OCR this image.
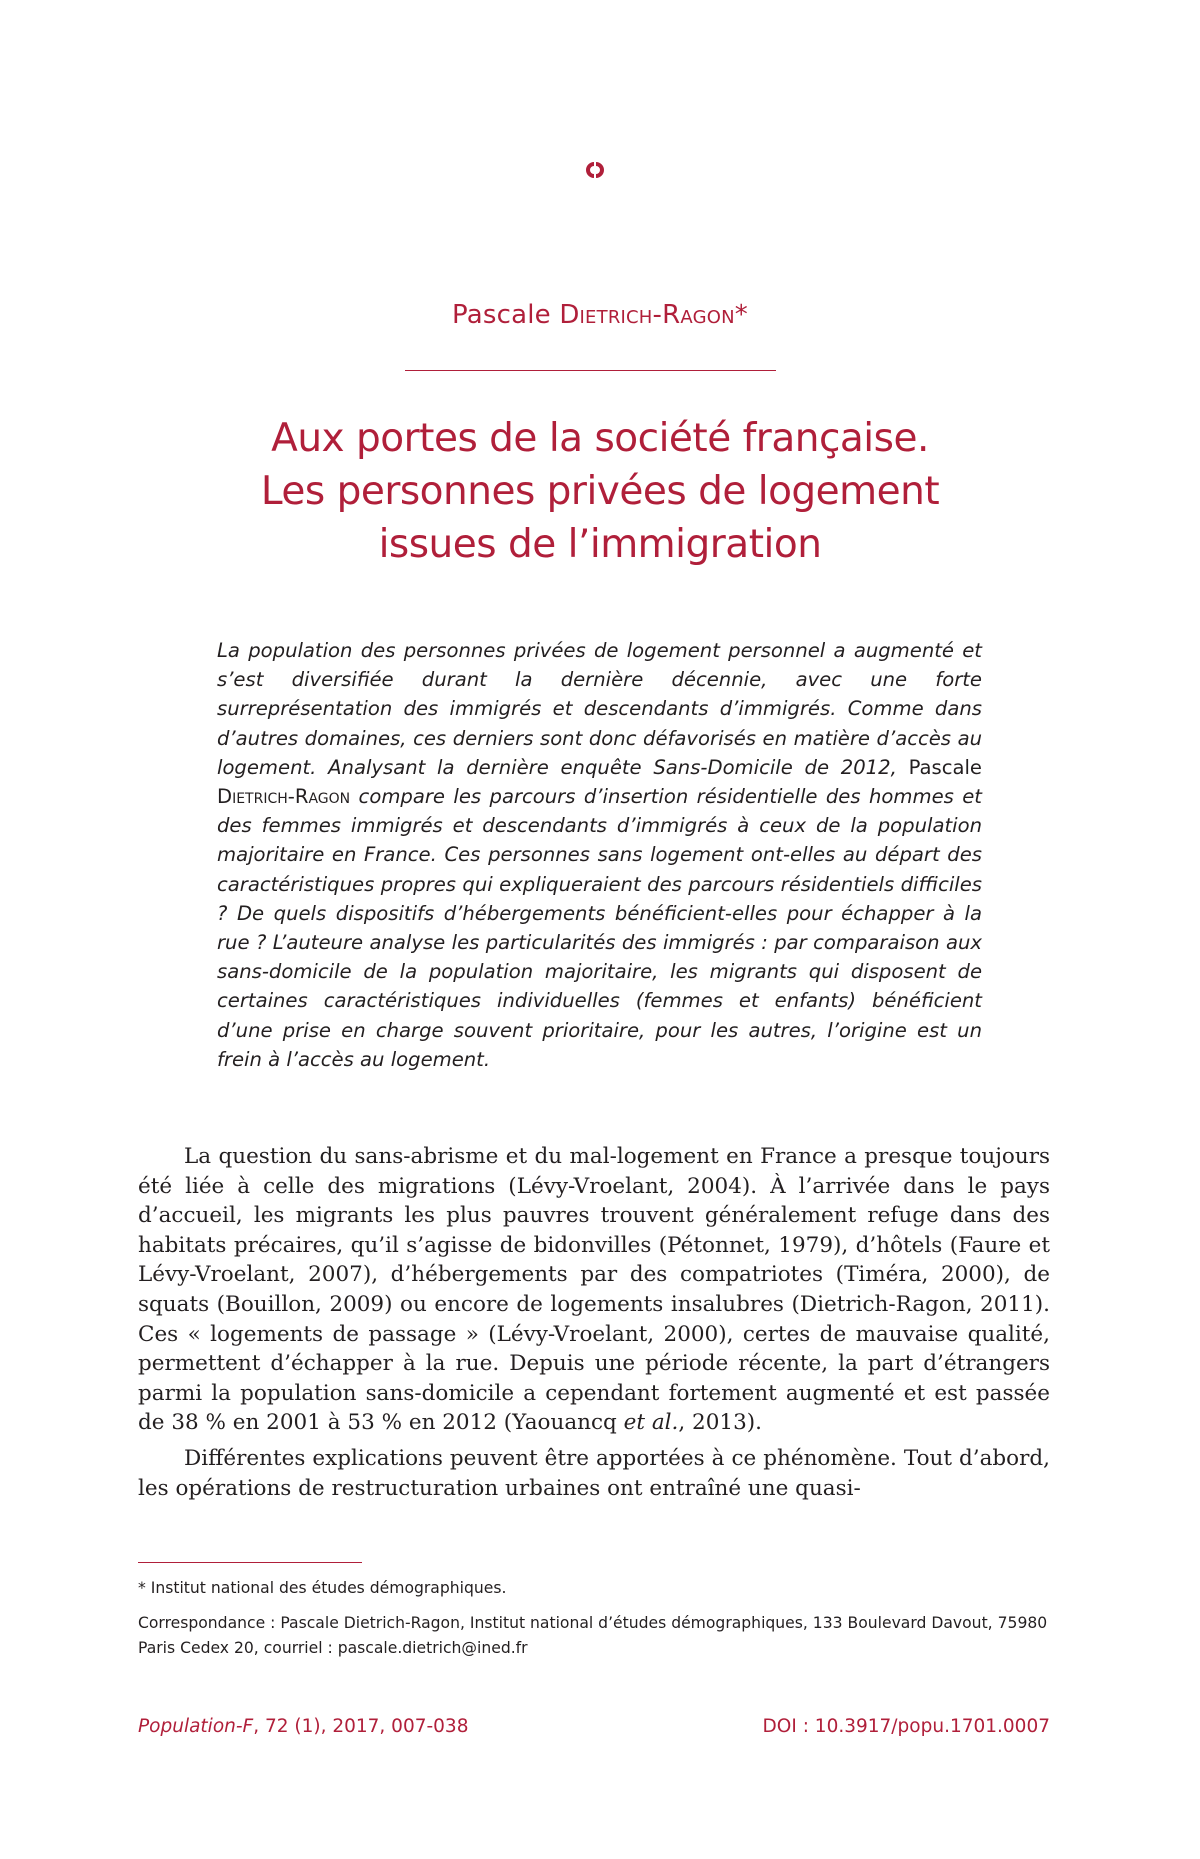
Pascale Dietrich-Ragon*
Aux portes de la société française.
Les personnes privées de logement
issues de l’immigration
La population des personnes privées de logement personnel a augmenté et s’est diversifiée durant la dernière décennie, avec une forte surreprésentation des immigrés et descendants d’immigrés. Comme dans d’autres domaines, ces derniers sont donc défavorisés en matière d’accès au logement. Analysant la dernière enquête Sans-Domicile de 2012, Pascale Dietrich-Ragon compare les parcours d’insertion résidentielle des hommes et des femmes immigrés et descendants d’immigrés à ceux de la population majoritaire en France. Ces personnes sans logement ont-elles au départ des caractéristiques propres qui expliqueraient des parcours résidentiels difficiles ? De quels dispositifs d’hébergements bénéficient-elles pour échapper à la rue ? L’auteure analyse les particularités des immigrés : par comparaison aux sans-domicile de la population majoritaire, les migrants qui disposent de certaines caractéristiques individuelles (femmes et enfants) bénéficient d’une prise en charge souvent prioritaire, pour les autres, l’origine est un frein à l’accès au logement.

La question du sans-abrisme et du mal-logement en France a presque toujours été liée à celle des migrations (Lévy-Vroelant, 2004). À l’arrivée dans le pays d’accueil, les migrants les plus pauvres trouvent généralement refuge dans des habitats précaires, qu’il s’agisse de bidonvilles (Pétonnet, 1979), d’hôtels (Faure et Lévy-Vroelant, 2007), d’hébergements par des compatriotes (Timéra, 2000), de squats (Bouillon, 2009) ou encore de logements insalubres (Dietrich-Ragon, 2011). Ces « logements de passage » (Lévy-Vroelant, 2000), certes de mauvaise qualité, permettent d’échapper à la rue. Depuis une période récente, la part d’étrangers parmi la population sans-domicile a cependant fortement augmenté et est passée de 38 % en 2001 à 53 % en 2012 (Yaouancq et al., 2013).

Différentes explications peuvent être apportées à ce phénomène. Tout d’abord, les opérations de restructuration urbaines ont entraîné une quasi-

* Institut national des études démographiques.

Correspondance : Pascale Dietrich-Ragon, Institut national d’études démographiques, 133 Boulevard Davout, 75980 Paris Cedex 20, courriel : pascale.dietrich@ined.fr

Population-F, 72 (1), 2017, 007-038	DOI : 10.3917/popu.1701.0007
